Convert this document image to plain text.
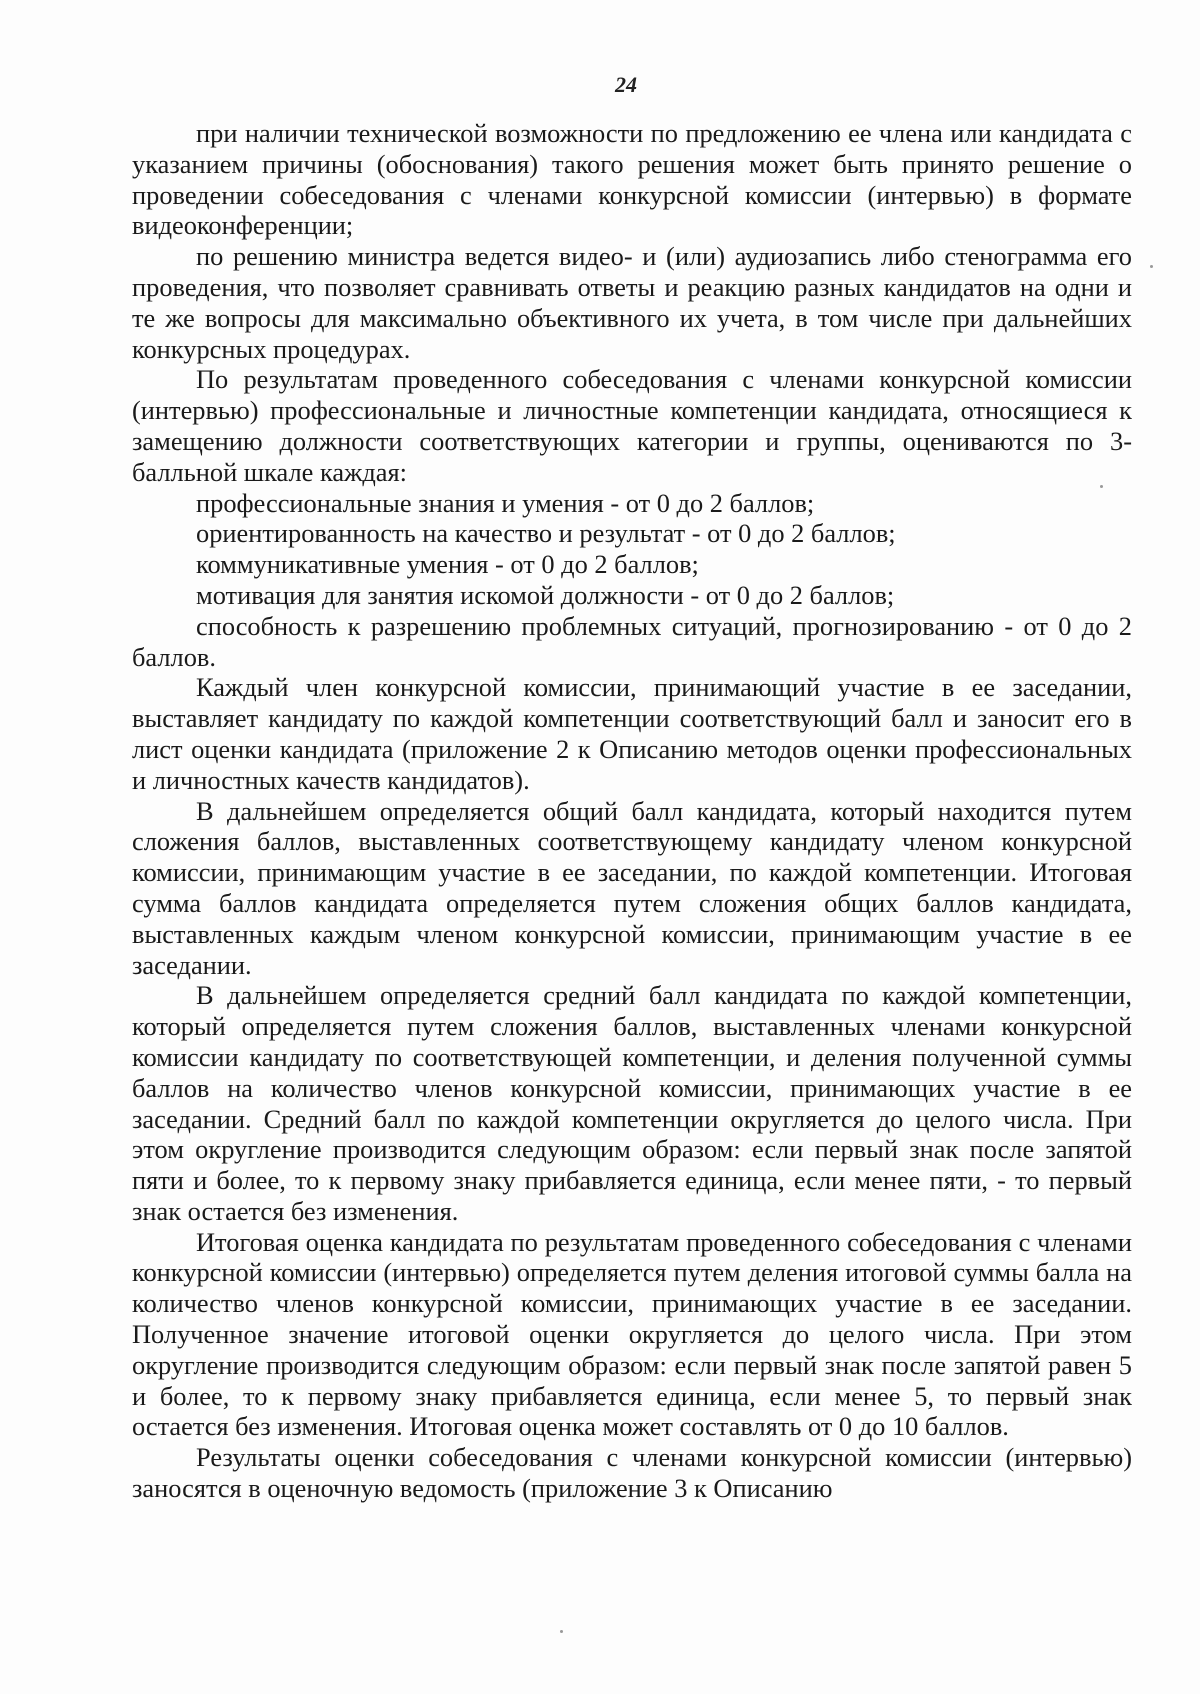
24

при наличии технической возможности по предложению ее члена или кандидата с указанием причины (обоснования) такого решения может быть принято решение о проведении собеседования с членами конкурсной комиссии (интервью) в формате видеоконференции;

по решению министра ведется видео- и (или) аудиозапись либо стенограмма его проведения, что позволяет сравнивать ответы и реакцию разных кандидатов на одни и те же вопросы для максимально объективного их учета, в том числе при дальнейших конкурсных процедурах.

По результатам проведенного собеседования с членами конкурсной комиссии (интервью) профессиональные и личностные компетенции кандидата, относящиеся к замещению должности соответствующих категории и группы, оцениваются по 3-балльной шкале каждая:

профессиональные знания и умения - от 0 до 2 баллов;

ориентированность на качество и результат - от 0 до 2 баллов;

коммуникативные умения - от 0 до 2 баллов;

мотивация для занятия искомой должности - от 0 до 2 баллов;

способность к разрешению проблемных ситуаций, прогнозированию - от 0 до 2 баллов.

Каждый член конкурсной комиссии, принимающий участие в ее заседании, выставляет кандидату по каждой компетенции соответствующий балл и заносит его в лист оценки кандидата (приложение 2 к Описанию методов оценки профессиональных и личностных качеств кандидатов).

В дальнейшем определяется общий балл кандидата, который находится путем сложения баллов, выставленных соответствующему кандидату членом конкурсной комиссии, принимающим участие в ее заседании, по каждой компетенции. Итоговая сумма баллов кандидата определяется путем сложения общих баллов кандидата, выставленных каждым членом конкурсной комиссии, принимающим участие в ее заседании.

В дальнейшем определяется средний балл кандидата по каждой компетенции, который определяется путем сложения баллов, выставленных членами конкурсной комиссии кандидату по соответствующей компетенции, и деления полученной суммы баллов на количество членов конкурсной комиссии, принимающих участие в ее заседании. Средний балл по каждой компетенции округляется до целого числа. При этом округление производится следующим образом: если первый знак после запятой пяти и более, то к первому знаку прибавляется единица, если менее пяти, - то первый знак остается без изменения.

Итоговая оценка кандидата по результатам проведенного собеседования с членами конкурсной комиссии (интервью) определяется путем деления итоговой суммы балла на количество членов конкурсной комиссии, принимающих участие в ее заседании. Полученное значение итоговой оценки округляется до целого числа. При этом округление производится следующим образом: если первый знак после запятой равен 5 и более, то к первому знаку прибавляется единица, если менее 5, то первый знак остается без изменения. Итоговая оценка может составлять от 0 до 10 баллов.

Результаты оценки собеседования с членами конкурсной комиссии (интервью) заносятся в оценочную ведомость (приложение 3 к Описанию
